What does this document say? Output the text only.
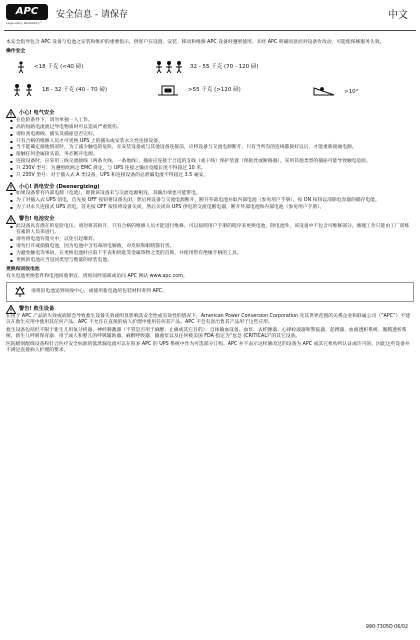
APC
Legendary Reliability™
安全信息 - 请保存	中文
本安全指导包含 APC 设备与电池之安装和维护的重要指示，供客户在设置、安装、移动和维修 APC 设备时遵照使用。未经 APC 明确同意而对设备作改动，可能使保修服务失效。
操作安全
<18 千克 (<40 磅)	32 - 55 千克 (70 - 120 磅)
18 - 32 千克 (40 - 70 磅)	>55 千克 (>120 磅)	>10°
小心! 电气安全
▪ 在危险条件下，请勿单独一人工作。
▪ 高的短路电流流过导电物质时可以造成严重烧伤。
▪ 请检查电源线、插头及插座是否完好。
▪ 只有合格的维修人员才可更换 UPS 上的插头或安装永久性连接设备。
▪ 当不能确定接地情况时，为了减少触电的危险，在安装设备或与其他设备连接前，应将设备与交流电源断开，只有当所有的连线都接好以后，才能重新接通电源。
▪ 接触任何金属接头前，务必断开电源。
▪ 连接设备时，应采用三线交流接线（两条火线，一条地线），插座应连接于合适的支线（或干线）保护装置（保险丝或断路器）。采用其他类型的插座可能导致触电危险。
▪ 只 230V 型号：为遵照欧洲之 EMC 规定，与 UPS 连接之输出电缆长度不得超过 10 米。
▪ 只 230V 型号：对于插入式 A 类设备，UPS 和连接设备的总泄漏电流不得超过 3.5 毫安。
小心! 消电安全 (Deenergizing)
▪ 如果设备带有内部电源（电池），即使该设备未与交流电源相连，其输出端也可能带电。
▪ 为了对插入式 UPS 消电，首先按 OFF 按钮将设备关闭，然后将设备与交流电源断开，断开外部电池并取内部电池（参见用户手册），按 ON 按钮以清除电容器的储存电能。
▪ 为了对永久连接式 UPS 消电，首先按 OFF 按钮将设备关闭，然后关闭向 UPS 供电的交流电断电器，断开外部电池和内部电池（参见用户手册）。
警告! 电池安全
▪ 此设备具有潜在的危险电压。请勿将其拆开，只有合格的维修人员才能进行维修。可以按照用户手册的程序来更换电池，除电池外，该设备中不包含可维修部分。修理工作只能由工厂训练有素的人员来进行。
▪ 请勿将电池弃置火中，以免引起爆炸。
▪ 请勿打开或损毁电池，因为电池中含有毒的电解液，对皮肤和眼睛都有害。
▪ 为避免触电等事故，在更换电池时应取下手表和钥匙等金属饰物之类的首饰，并使用带有绝缘手柄的工具。
▪ 更换的电池应当是同类型与数量的原装电池。
更换和回收电池
有关电池更换套件和电池回收事宜，请询问经销商或访问 APC 网站 www.apc.com。
请将旧电池送到回收中心，或使用新电池的包装材料寄到 APC。
警告! 救生设备
在由于 APC 产品的失效或故障会导致救生设备失效或明显影响其安全性或有效性的情况下，American Power Conversion Corporation 及其世界范围的关系企业和联属公司（“APC”）不建议在救生应用中使用其任何产品。APC 不允许在直接的病人护理中使用任何其产品。APC 不会有意出售其产品用于这些应用。
救生设备包括但不限于新生儿用氧分析器、神经刺激器（不管是否用于麻醉、止痛或其它目的）、自体输血设备、血泵、去纤颤器、心律检波器和警报器、起搏器、血液透析系统、腹膜透析系统、新生儿呼吸保育器、用于成人和婴儿的呼吸辅助器、麻醉呼吸器、输液泵以及任何被美国 FDA 指定为“危急 (CRITICAL)”的其它设备。
医院级别配线设备和针合医疗安全标准的低泄漏电流可以在很多 APC 的 UPS 系统中作为可选部分订购。APC 并不表示这样修改过的设备为 APC 或其它机构所认证或许可的，因此这些设备并不满足直接病人护理的要求。
990-7305D 06/02
